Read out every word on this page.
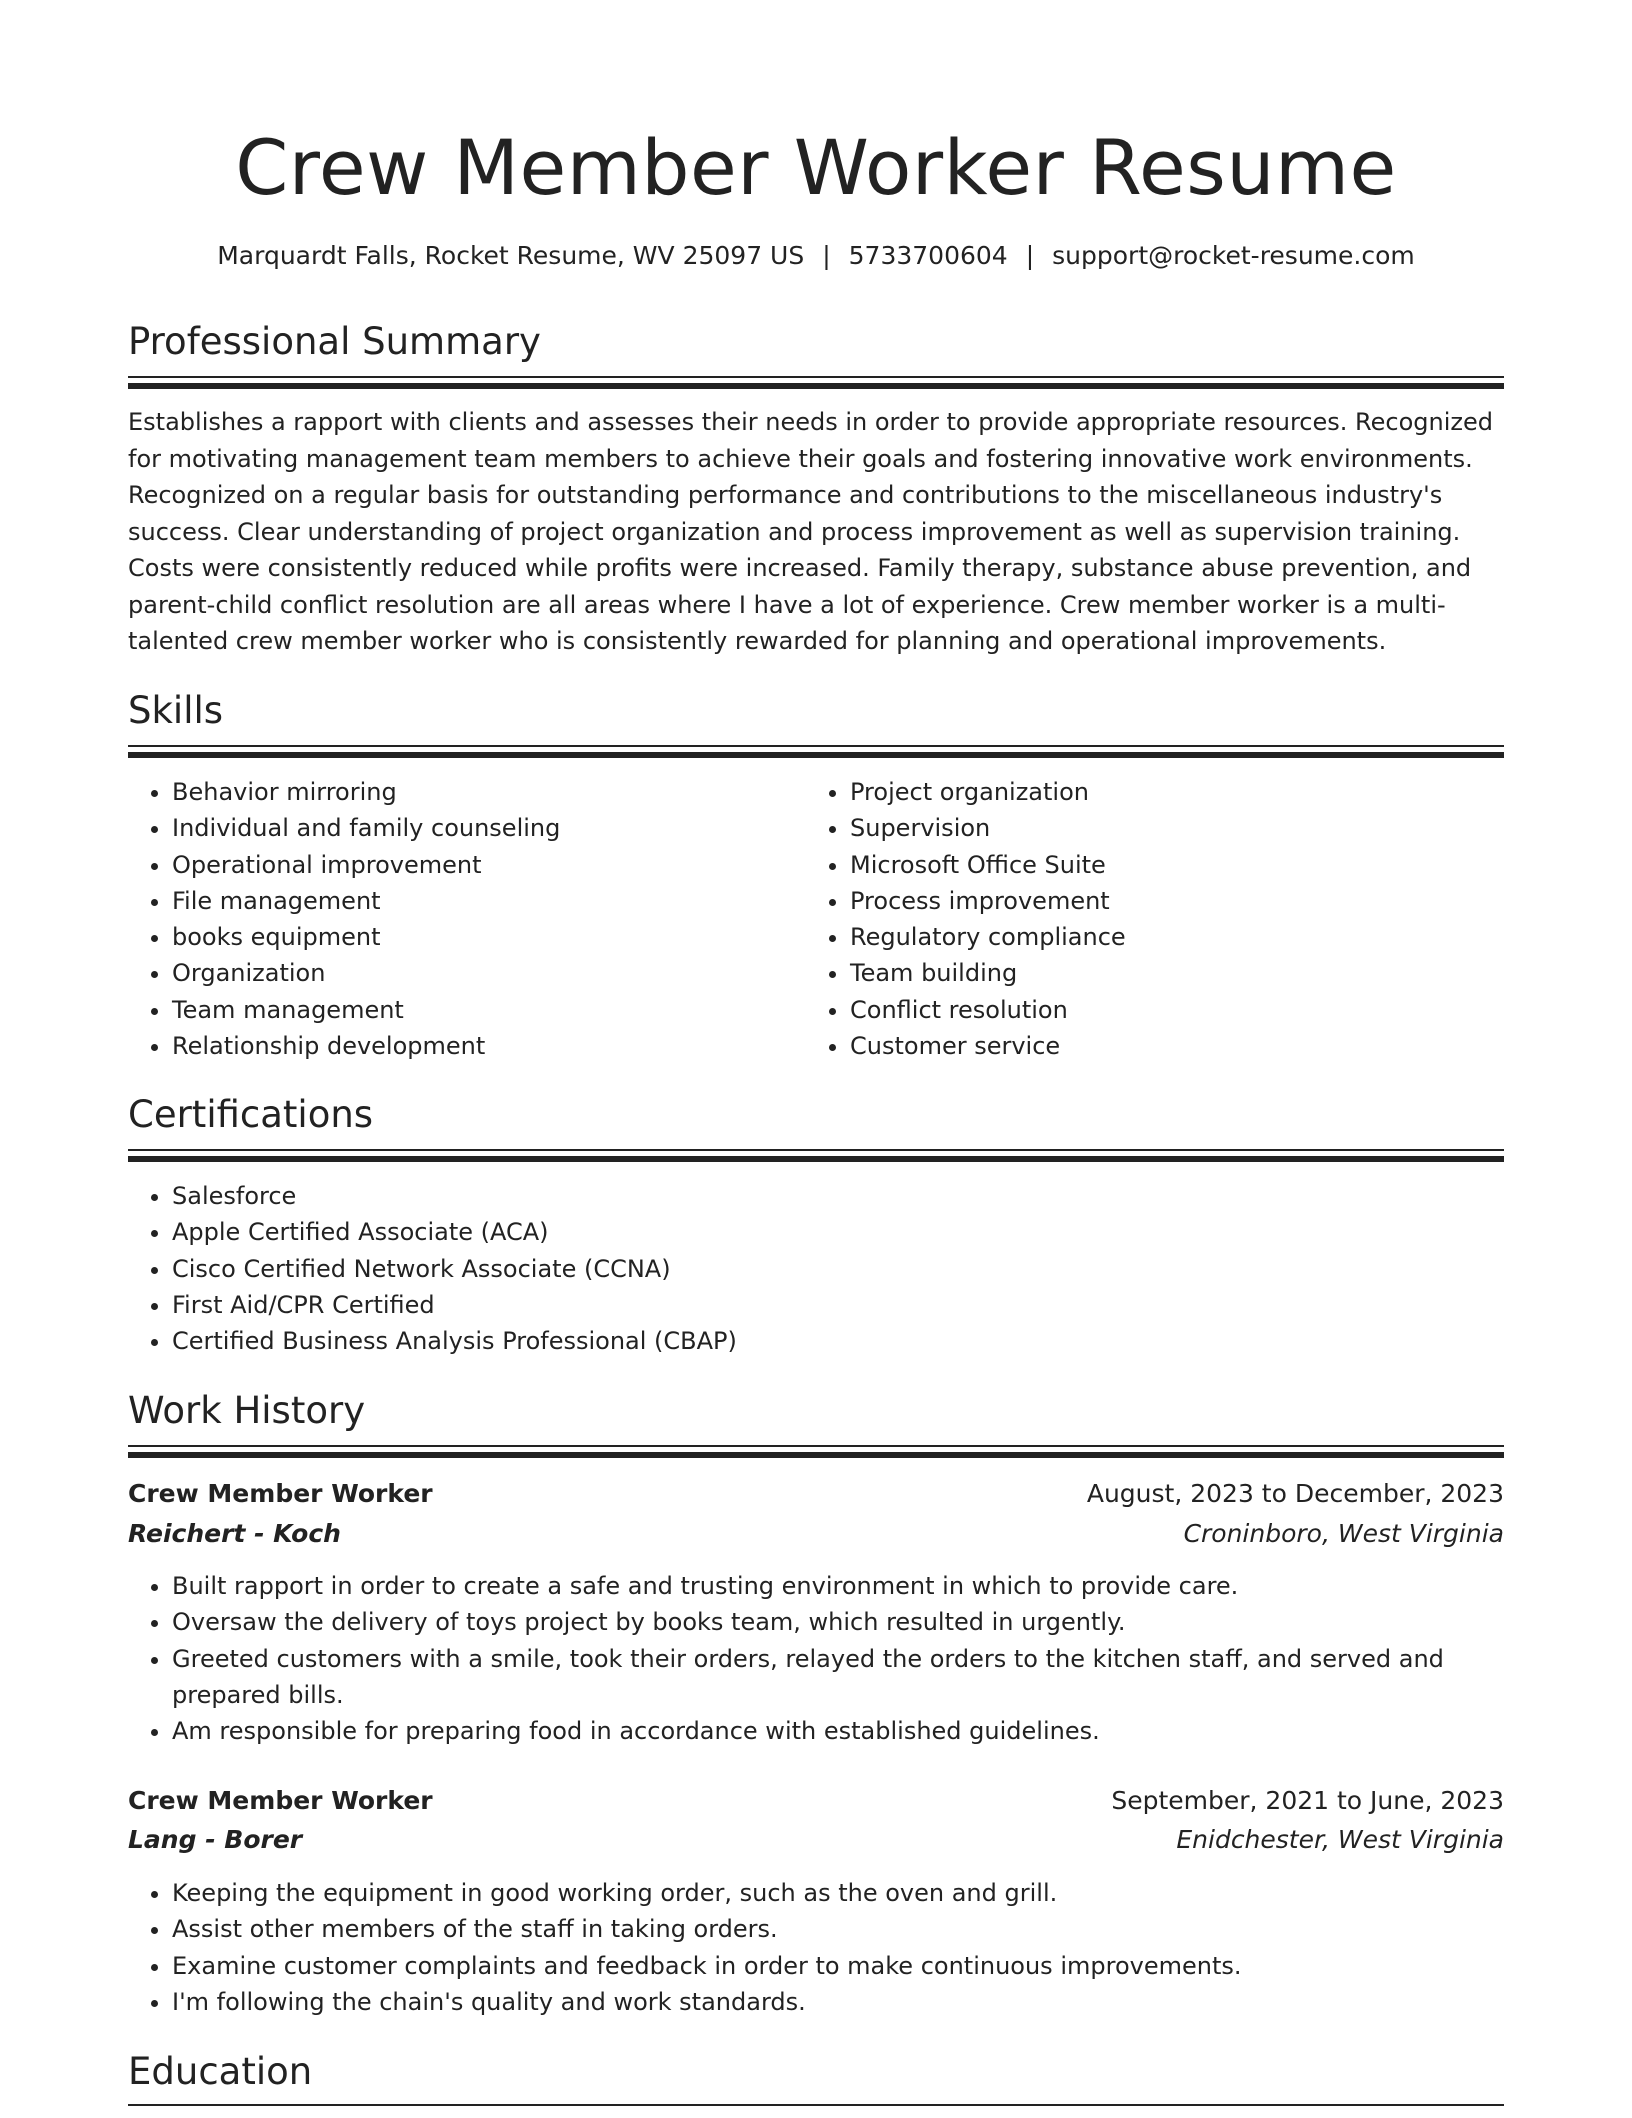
Crew Member Worker Resume
Marquardt Falls, Rocket Resume, WV 25097 US | 5733700604 | support@rocket-resume.com
Professional Summary

Establishes a rapport with clients and assesses their needs in order to provide appropriate resources. Recognized for motivating management team members to achieve their goals and fostering innovative work environments. Recognized on a regular basis for outstanding performance and contributions to the miscellaneous industry's success. Clear understanding of project organization and process improvement as well as supervision training. Costs were consistently reduced while profits were increased. Family therapy, substance abuse prevention, and parent-child conflict resolution are all areas where I have a lot of experience. Crew member worker is a multi-talented crew member worker who is consistently rewarded for planning and operational improvements.

Skills
• Behavior mirroring
• Individual and family counseling
• Operational improvement
• File management
• books equipment
• Organization
• Team management
• Relationship development
• Project organization
• Supervision
• Microsoft Office Suite
• Process improvement
• Regulatory compliance
• Team building
• Conflict resolution
• Customer service
Certifications
• Salesforce
• Apple Certified Associate (ACA)
• Cisco Certified Network Associate (CCNA)
• First Aid/CPR Certified
• Certified Business Analysis Professional (CBAP)
Work History
Crew Member Worker	August, 2023 to December, 2023
Reichert - Koch	Croninboro, West Virginia
• Built rapport in order to create a safe and trusting environment in which to provide care.
• Oversaw the delivery of toys project by books team, which resulted in urgently.
• Greeted customers with a smile, took their orders, relayed the orders to the kitchen staff, and served and prepared bills.
• Am responsible for preparing food in accordance with established guidelines.
Crew Member Worker	September, 2021 to June, 2023
Lang - Borer	Enidchester, West Virginia
• Keeping the equipment in good working order, such as the oven and grill.
• Assist other members of the staff in taking orders.
• Examine customer complaints and feedback in order to make continuous improvements.
• I'm following the chain's quality and work standards.
Education
